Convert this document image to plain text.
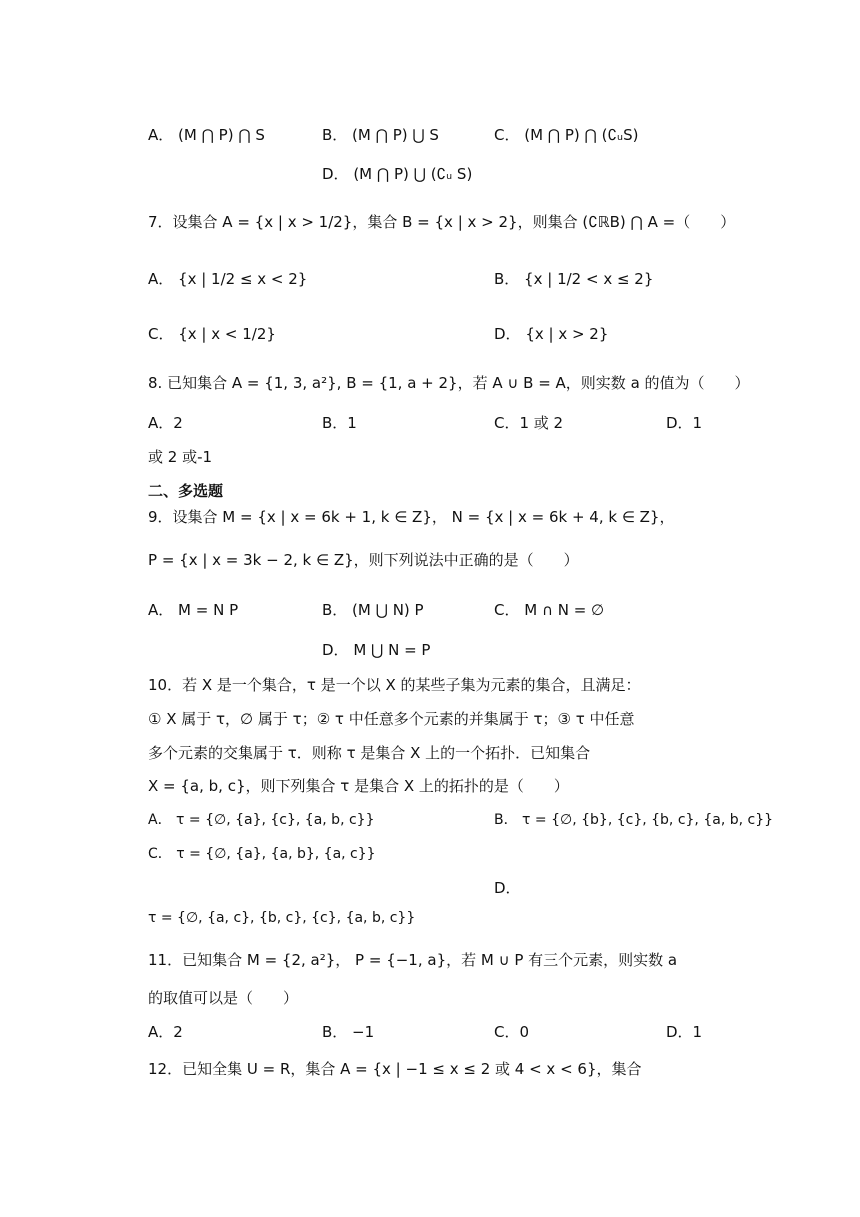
A． (M ⋂ P) ⋂ S	B． (M ⋂ P) ⋃ S	C． (M ⋂ P) ⋂ (∁ᵤS)
D． (M ⋂ P) ⋃ (∁ᵤ S)
7．设集合 A = {x | x > 1/2}，集合 B = {x | x > 2}，则集合 (∁ℝB) ⋂ A =（　　）
A． {x | 1/2 ≤ x < 2}	B． {x | 1/2 < x ≤ 2}
C． {x | x < 1/2}	D． {x | x > 2}
8. 已知集合 A = {1, 3, a²}, B = {1, a + 2}，若 A ∪ B = A，则实数 a 的值为（　　）
A．2	B．1	C．1 或 2	D．1
或 2 或-1
二、多选题
9．设集合 M = {x | x = 6k + 1, k ∈ Z}， N = {x | x = 6k + 4, k ∈ Z}，
P = {x | x = 3k − 2, k ∈ Z}，则下列说法中正确的是（　　）
A． M = N P	B． (M ⋃ N) P	C． M ∩ N = ∅
D． M ⋃ N = P
10．若 X 是一个集合，τ 是一个以 X 的某些子集为元素的集合，且满足：
① X 属于 τ，∅ 属于 τ；② τ 中任意多个元素的并集属于 τ；③ τ 中任意
多个元素的交集属于 τ．则称 τ 是集合 X 上的一个拓扑．已知集合
X = {a, b, c}，则下列集合 τ 是集合 X 上的拓扑的是（　　）
A． τ = {∅, {a}, {c}, {a, b, c}}	B． τ = {∅, {b}, {c}, {b, c}, {a, b, c}}
C． τ = {∅, {a}, {a, b}, {a, c}}
D．
τ = {∅, {a, c}, {b, c}, {c}, {a, b, c}}
11．已知集合 M = {2, a²}， P = {−1, a}，若 M ∪ P 有三个元素，则实数 a
的取值可以是（　　）
A．2	B． −1	C．0	D．1
12．已知全集 U = R，集合 A = {x | −1 ≤ x ≤ 2 或 4 < x < 6}，集合
